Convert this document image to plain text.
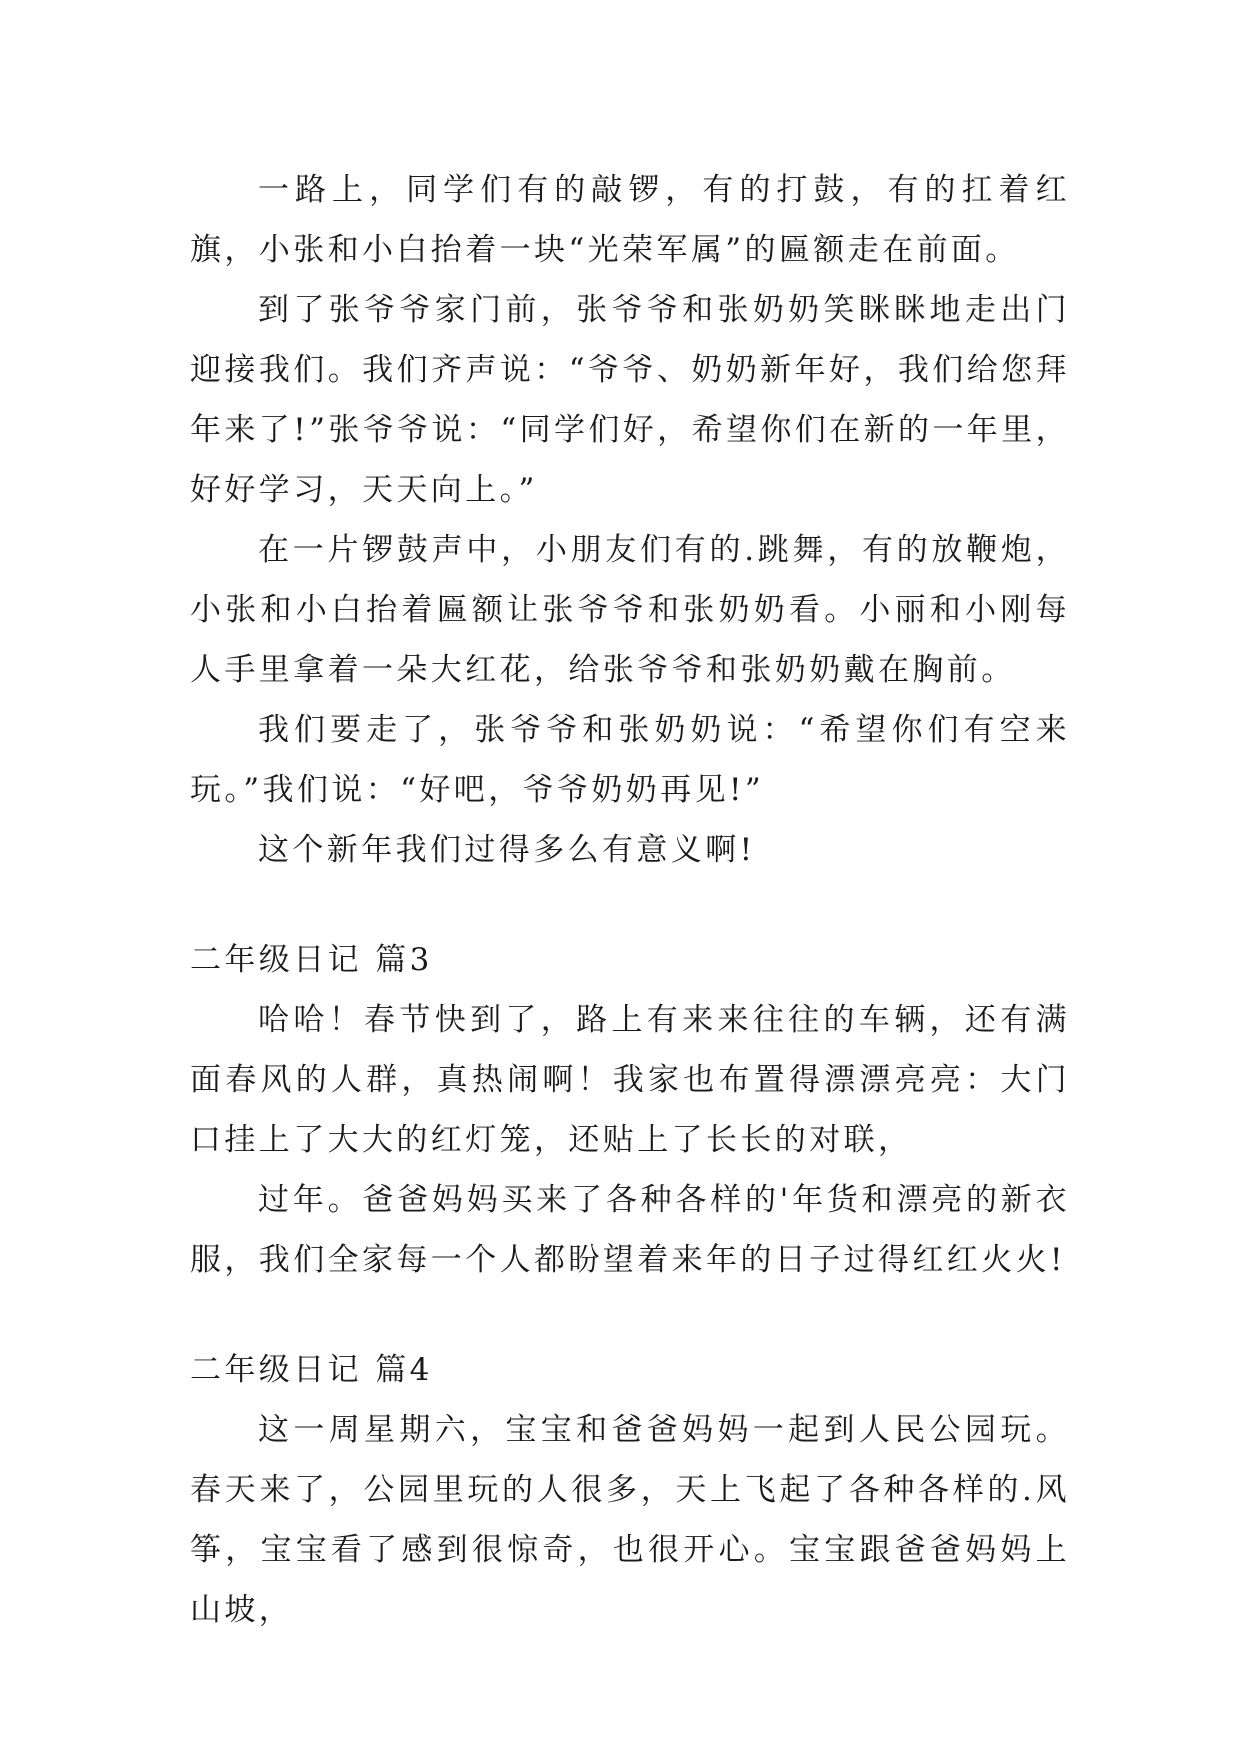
一路上，同学们有的敲锣，有的打鼓，有的扛着红旗，小张和小白抬着一块“光荣军属”的匾额走在前面。

到了张爷爷家门前，张爷爷和张奶奶笑眯眯地走出门迎接我们。我们齐声说：“爷爷、奶奶新年好，我们给您拜年来了!”张爷爷说：“同学们好，希望你们在新的一年里，好好学习，天天向上。”

在一片锣鼓声中，小朋友们有的.跳舞，有的放鞭炮，小张和小白抬着匾额让张爷爷和张奶奶看。小丽和小刚每人手里拿着一朵大红花，给张爷爷和张奶奶戴在胸前。

我们要走了，张爷爷和张奶奶说：“希望你们有空来玩。”我们说：“好吧，爷爷奶奶再见!”

这个新年我们过得多么有意义啊!

二年级日记 篇3

哈哈！春节快到了，路上有来来往往的车辆，还有满面春风的人群，真热闹啊！我家也布置得漂漂亮亮：大门口挂上了大大的红灯笼，还贴上了长长的对联，

过年。爸爸妈妈买来了各种各样的'年货和漂亮的新衣服，我们全家每一个人都盼望着来年的日子过得红红火火!

二年级日记 篇4

这一周星期六，宝宝和爸爸妈妈一起到人民公园玩。春天来了，公园里玩的人很多，天上飞起了各种各样的.风筝，宝宝看了感到很惊奇，也很开心。宝宝跟爸爸妈妈上山坡，
